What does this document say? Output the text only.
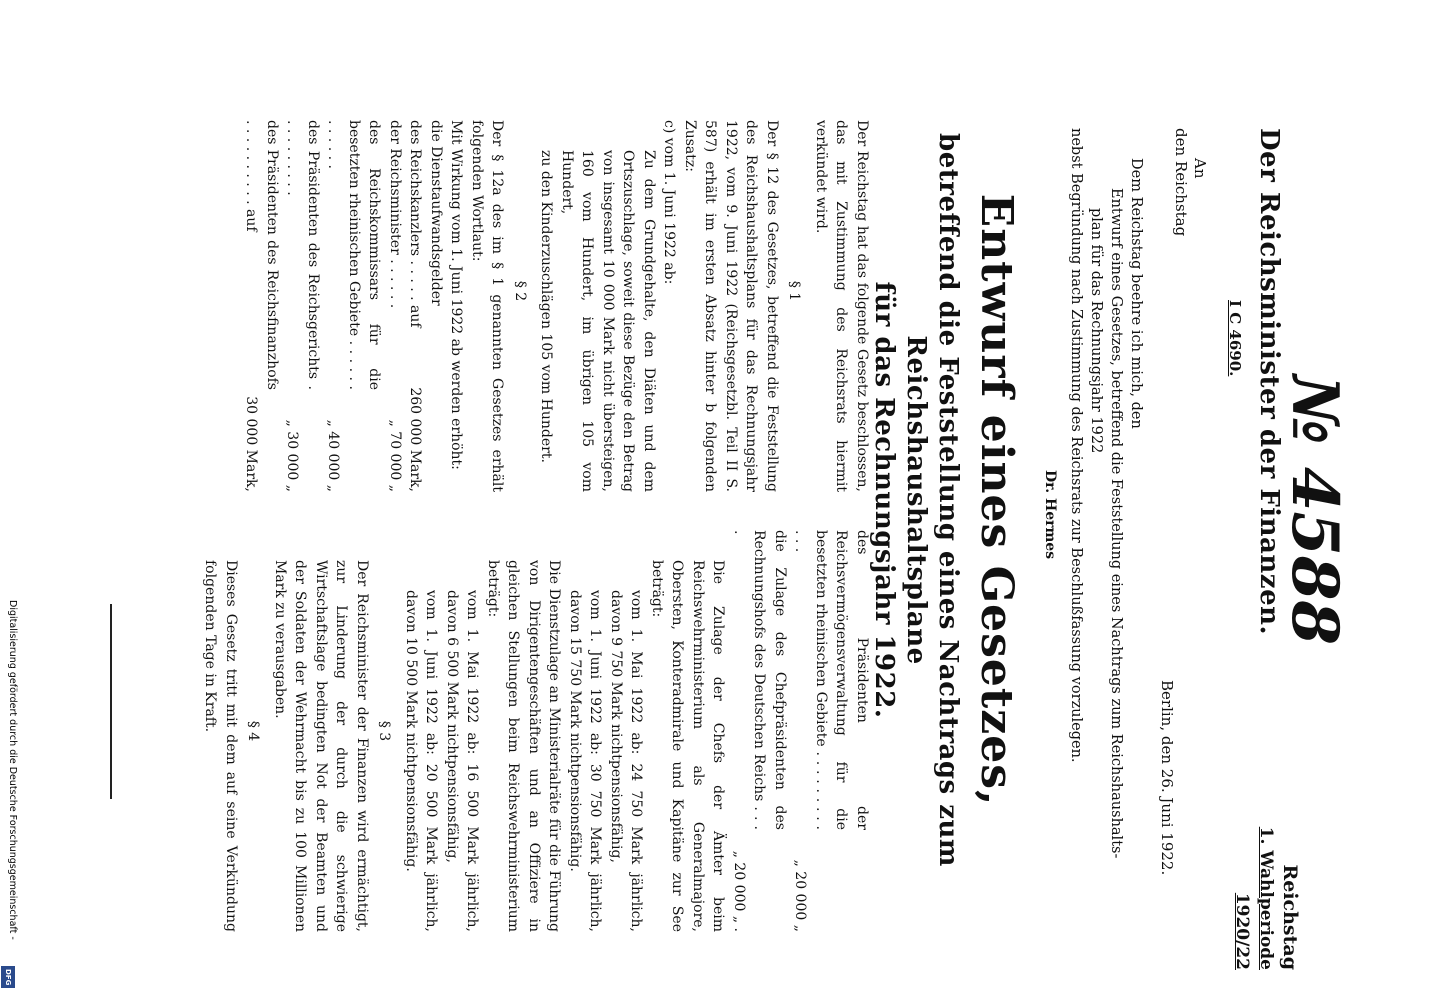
№ 4588
Reichstag
1. Wahlperiode 1920/22
Der Reichsminister der Finanzen.
I C 4690.
An
den Reichstag
Berlin, den 26. Juni 1922.
Dem Reichstag beehre ich mich, den
Entwurf eines Gesetzes, betreffend die Feststellung eines Nachtrags zum Reichshaushalts-
plan für das Rechnungsjahr 1922
nebst Begründung nach Zustimmung des Reichsrats zur Beschlußfassung vorzulegen.
Dr. Hermes
Entwurf eines Gesetzes,
betreffend die Feststellung eines Nachtrags zum Reichshaushaltsplane
für das Rechnungsjahr 1922.
Der Reichstag hat das folgende Gesetz beschlossen, das mit Zustimmung des Reichsrats hiermit verkündet wird.
§ 1
Der § 12 des Gesetzes, betreffend die Feststellung des Reichshaushaltsplans für das Rechnungsjahr 1922, vom 9. Juni 1922 (Reichsgesetzbl. Teil II S. 587) erhält im ersten Absatz hinter b folgenden Zusatz:
c) vom 1. Juni 1922 ab:
Zu dem Grundgehalte, den Diäten und dem Ortszuschlage, soweit diese Bezüge den Betrag von insgesamt 10 000 Mark nicht übersteigen, 160 vom Hundert, im übrigen 105 vom Hundert,
zu den Kinderzuschlägen 105 vom Hundert.
§ 2
Der § 12a des im § 1 genannten Gesetzes erhält folgenden Wortlaut:
Mit Wirkung vom 1. Juni 1922 ab werden erhöht:
die Dienstaufwandsgelder
des Reichskanzlers . . . . . auf
260 000 Mark,
der Reichsminister . . . . . .
„ 70 000 „
des Reichskommissars für die besetzten rheinischen Gebiete . . . . . . . . . . . .
„ 40 000 „
des Präsidenten des Reichsgerichts . . . . . . . . . .
„ 30 000 „
des Präsidenten des Reichsfinanzhofs . . . . . . . . . . auf
30 000 Mark,
des Präsidenten der Reichsvermögensverwaltung für die besetzten rheinischen Gebiete . . . . . . . . . . . .
„ 20 000 „
die Zulage des Chefpräsidenten des Rechnungshofs des Deutschen Reichs . . . .
„ 20 000 „ .
Die Zulage der Chefs der Ämter beim Reichswehrministerium als Generalmajore, Obersten, Konteradmirale und Kapitäne zur See beträgt:
vom 1. Mai 1922 ab: 24 750 Mark jährlich, davon 9 750 Mark nichtpensionsfähig,
vom 1. Juni 1922 ab: 30 750 Mark jährlich, davon 15 750 Mark nichtpensionsfähig.
Die Dienstzulage an Ministerialräte für die Führung von Dirigentengeschäften und an Offiziere in gleichen Stellungen beim Reichswehrministerium beträgt:
vom 1. Mai 1922 ab: 16 500 Mark jährlich, davon 6 500 Mark nichtpensionsfähig,
vom 1. Juni 1922 ab: 20 500 Mark jährlich, davon 10 500 Mark nichtpensionsfähig.
§ 3
Der Reichsminister der Finanzen wird ermächtigt, zur Linderung der durch die schwierige Wirtschaftslage bedingten Not der Beamten und der Soldaten der Wehrmacht bis zu 100 Millionen Mark zu verausgaben.
§ 4
Dieses Gesetz tritt mit dem auf seine Verkündung folgenden Tage in Kraft.
Digitalisierung gefördert durch die Deutsche Forschungsgemeinschaft -
DFG
